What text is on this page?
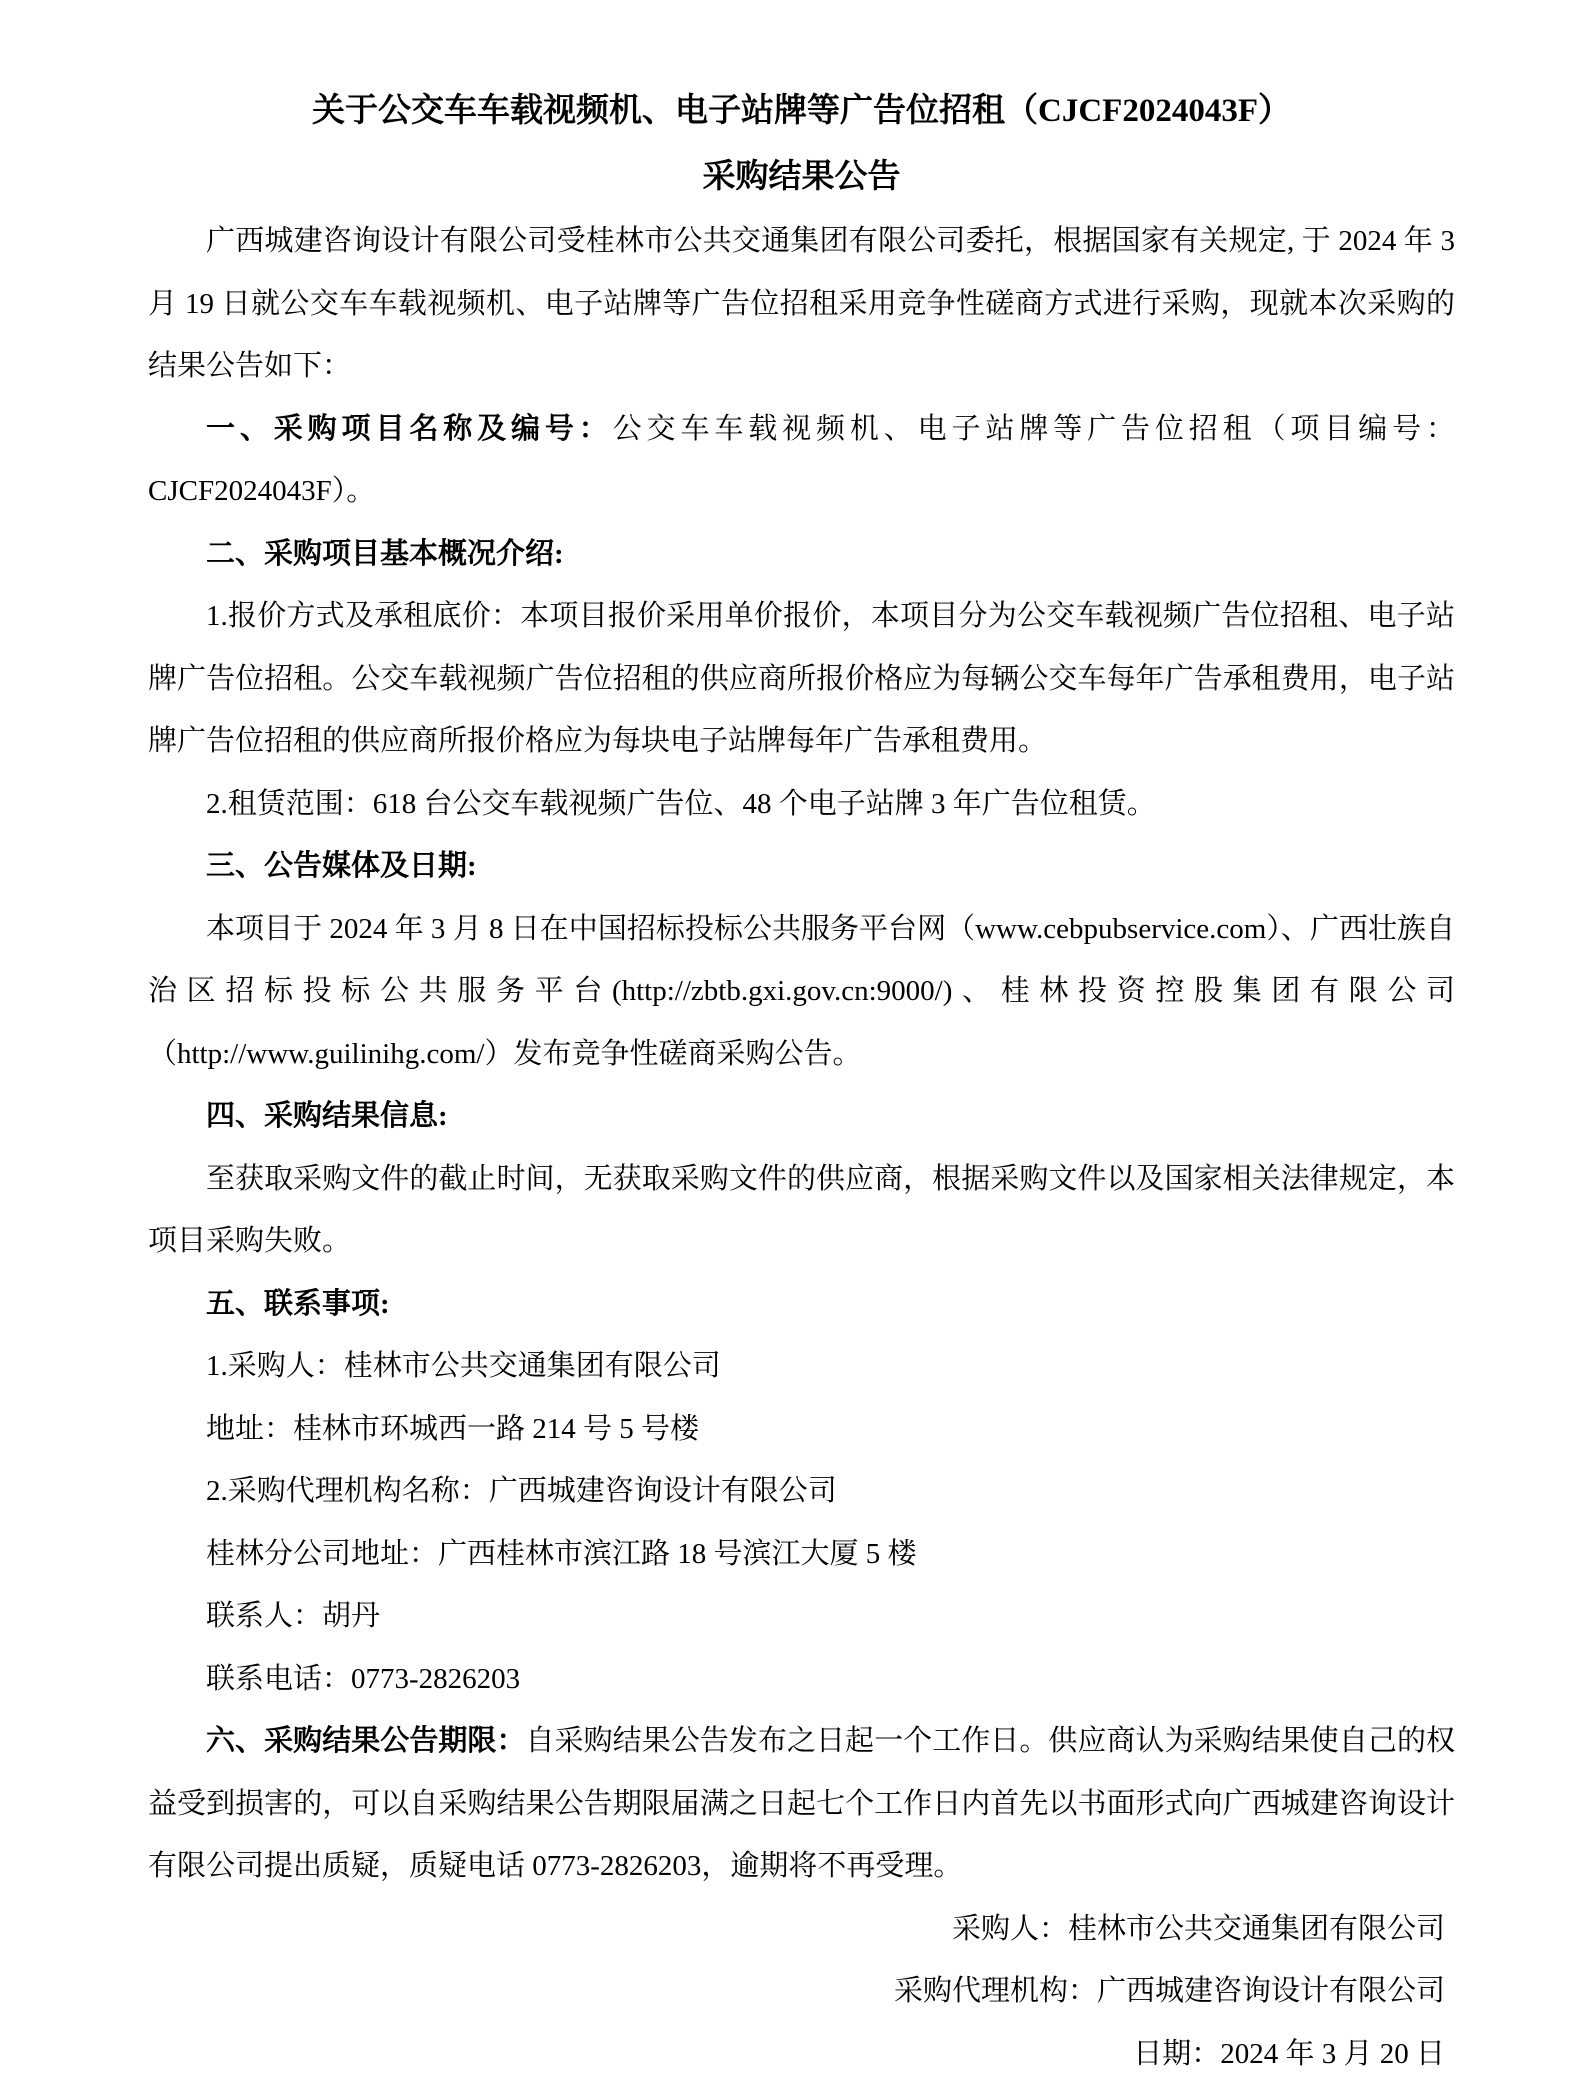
关于公交车车载视频机、电子站牌等广告位招租（CJCF2024043F）
采购结果公告

广西城建咨询设计有限公司受桂林市公共交通集团有限公司委托，根据国家有关规定, 于 2024 年 3 月 19 日就公交车车载视频机、电子站牌等广告位招租采用竞争性磋商方式进行采购，现就本次采购的结果公告如下：

一、采购项目名称及编号：公交车车载视频机、电子站牌等广告位招租（项目编号：CJCF2024043F）。

二、采购项目基本概况介绍:

1.报价方式及承租底价：本项目报价采用单价报价，本项目分为公交车载视频广告位招租、电子站牌广告位招租。公交车载视频广告位招租的供应商所报价格应为每辆公交车每年广告承租费用，电子站牌广告位招租的供应商所报价格应为每块电子站牌每年广告承租费用。

2.租赁范围：618 台公交车载视频广告位、48 个电子站牌 3 年广告位租赁。

三、公告媒体及日期:

本项目于 2024 年 3 月 8 日在中国招标投标公共服务平台网（www.cebpubservice.com）、广西壮族自治区招标投标公共服务平台(http://zbtb.gxi.gov.cn:9000/)、桂林投资控股集团有限公司（http://www.guilinihg.com/）发布竞争性磋商采购公告。

四、采购结果信息:

至获取采购文件的截止时间，无获取采购文件的供应商，根据采购文件以及国家相关法律规定，本项目采购失败。

五、联系事项:

1.采购人：桂林市公共交通集团有限公司

地址：桂林市环城西一路 214 号 5 号楼

2.采购代理机构名称：广西城建咨询设计有限公司

桂林分公司地址：广西桂林市滨江路 18 号滨江大厦 5 楼

联系人：胡丹

联系电话：0773-2826203

六、采购结果公告期限：自采购结果公告发布之日起一个工作日。供应商认为采购结果使自己的权益受到损害的，可以自采购结果公告期限届满之日起七个工作日内首先以书面形式向广西城建咨询设计有限公司提出质疑，质疑电话 0773-2826203，逾期将不再受理。

采购人：桂林市公共交通集团有限公司

采购代理机构：广西城建咨询设计有限公司

日期：2024 年 3 月 20 日
